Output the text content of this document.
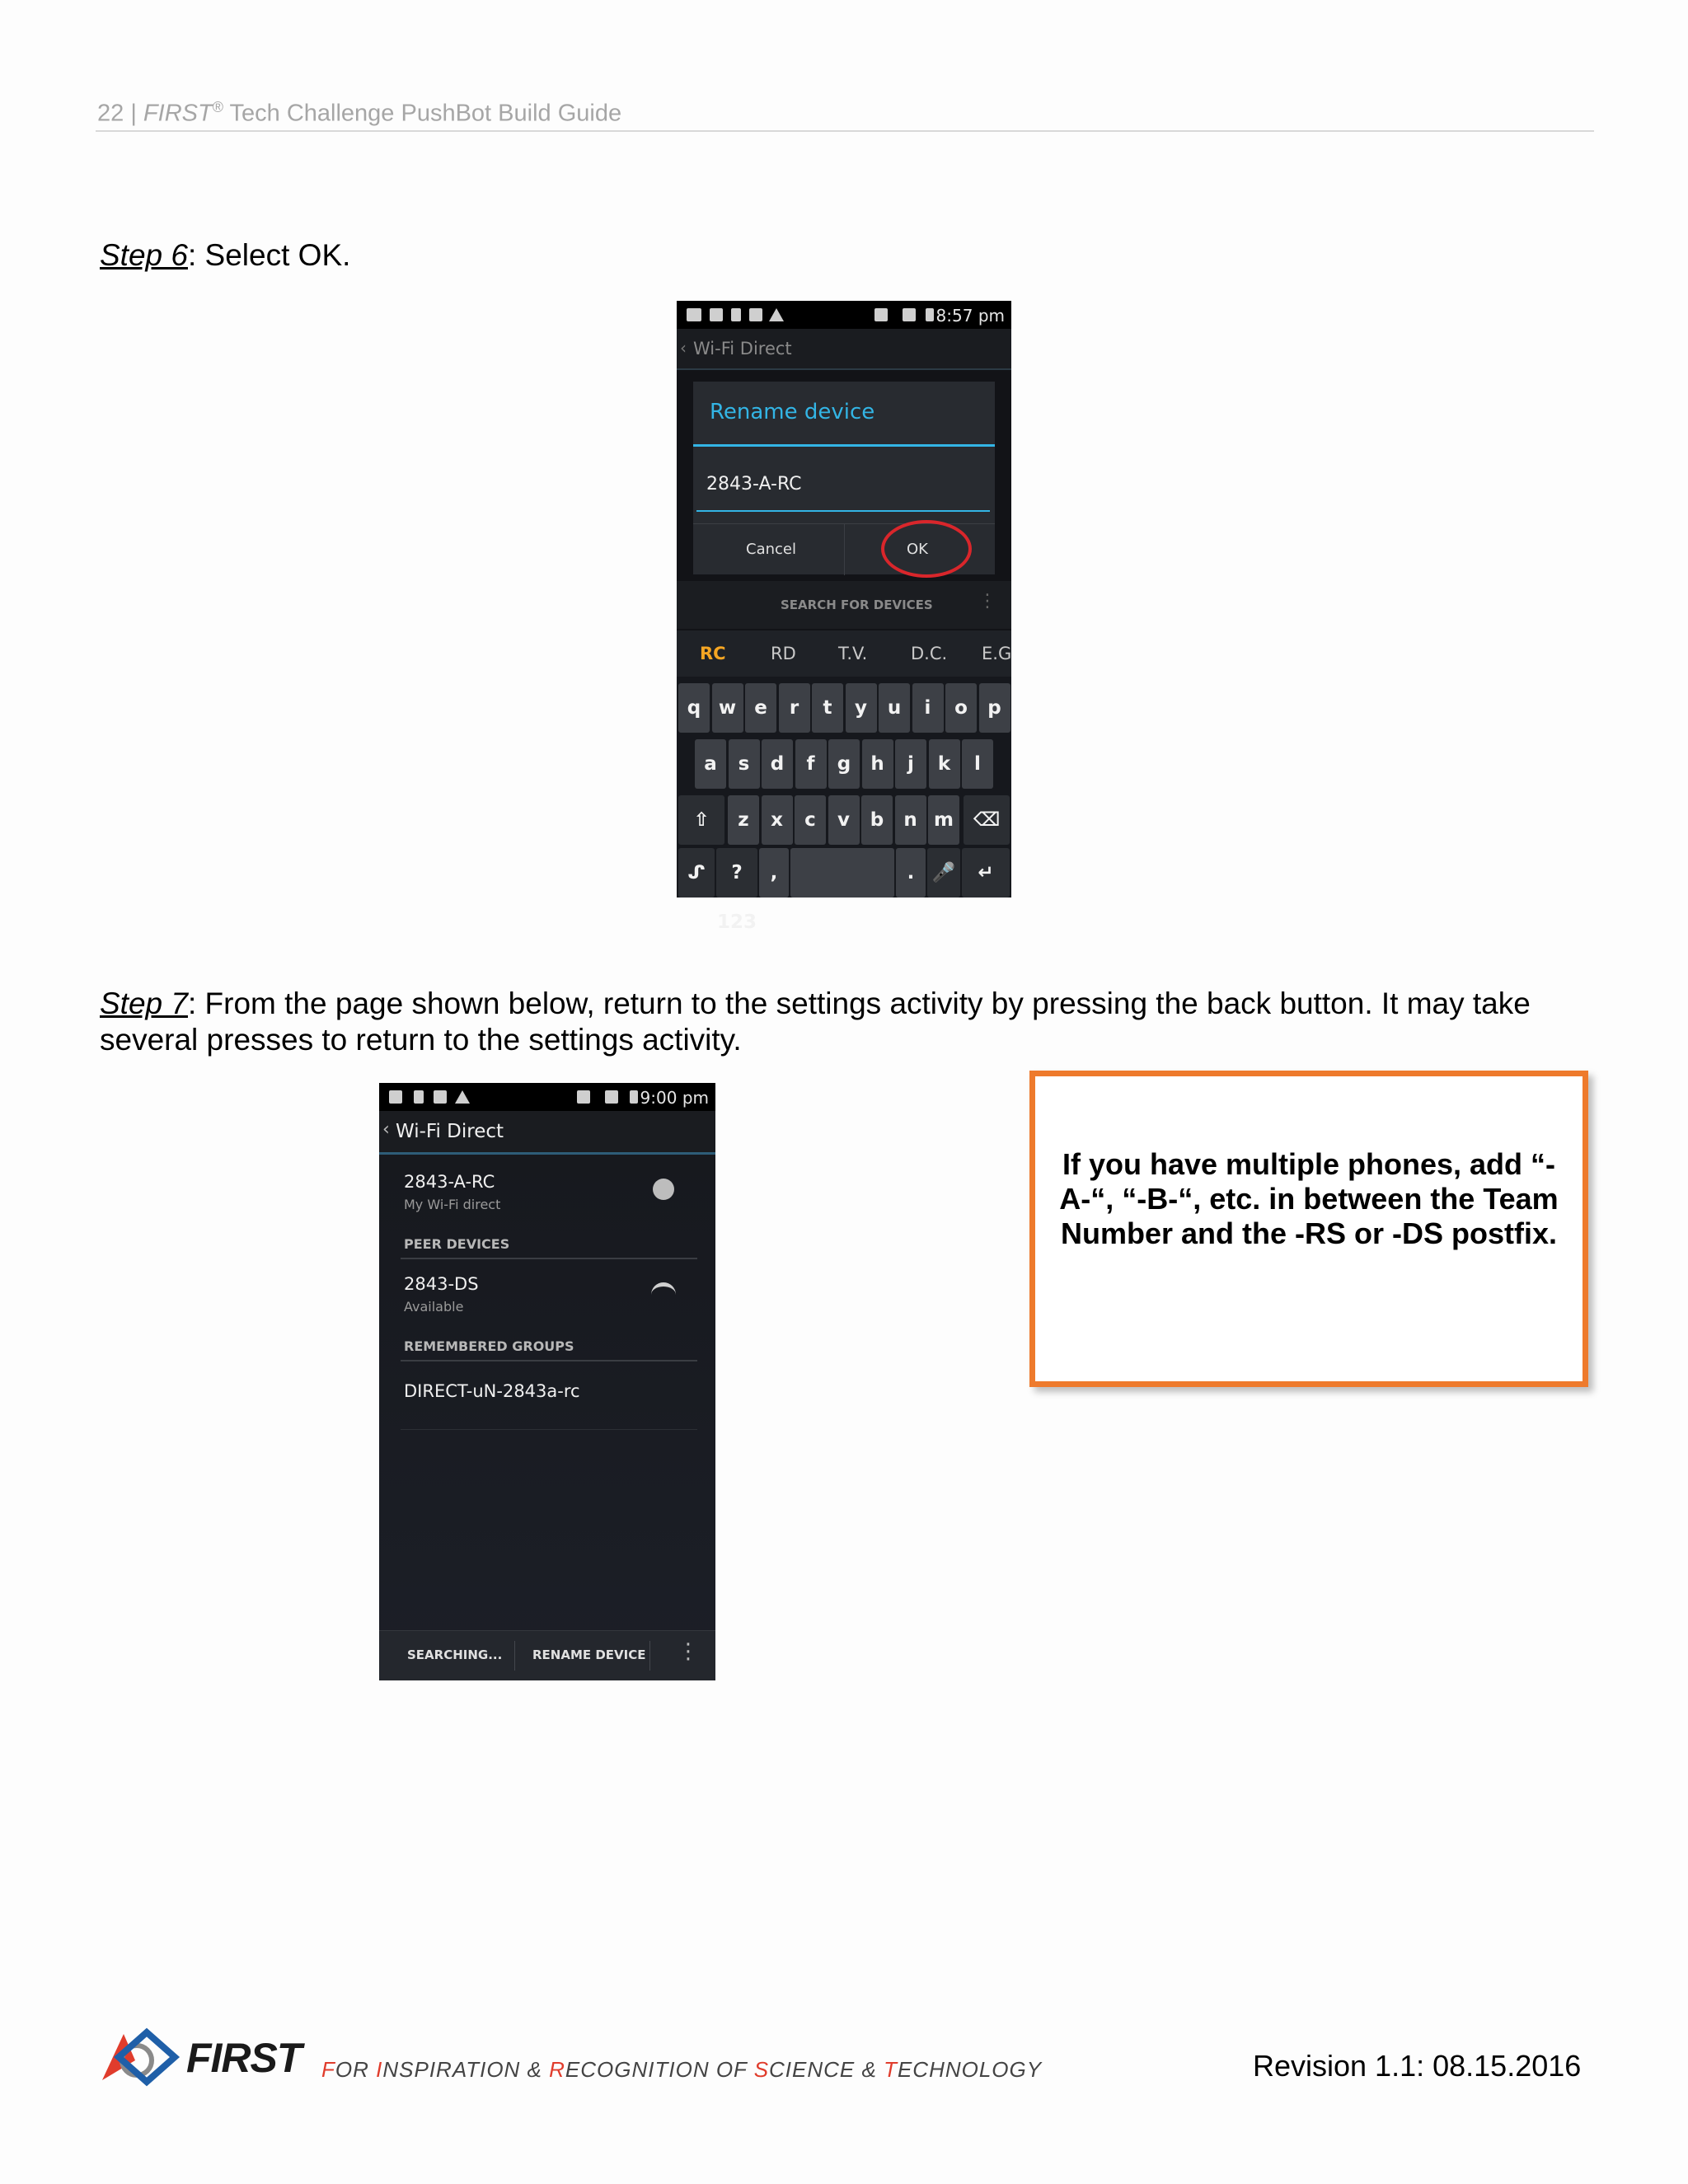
22 | FIRST® Tech Challenge PushBot Build Guide
Step 6: Select OK.
8:57 pm
‹ Wi-Fi Direct
Rename device
2843-A-RC
Cancel	OK
SEARCH FOR DEVICES	⋮
RC	RD T.V.	D.C. E.G
q w e	r	t	y	u	i	o	p
a	s	d	f	g	h	j	k	l
⇧	z	x	c	v	b	n m	⌫
ᔑ	?123
,	. 🎤	↵
Step 7: From the page shown below, return to the settings activity by pressing the back button. It may take several presses to return to the settings activity.
9:00 pm
‹ Wi-Fi Direct
2843-A-RC
My Wi-Fi direct
PEER DEVICES
2843-DS
Available
REMEMBERED GROUPS
DIRECT-uN-2843a-rc
SEARCHING... RENAME DEVICE ⋮

If you have multiple phones, add “-A-“, “-B-“, etc. in between the Team Number and the -RS or -DS postfix.

FIRST FOR INSPIRATION & RECOGNITION OF SCIENCE & TECHNOLOGY	Revision 1.1: 08.15.2016
